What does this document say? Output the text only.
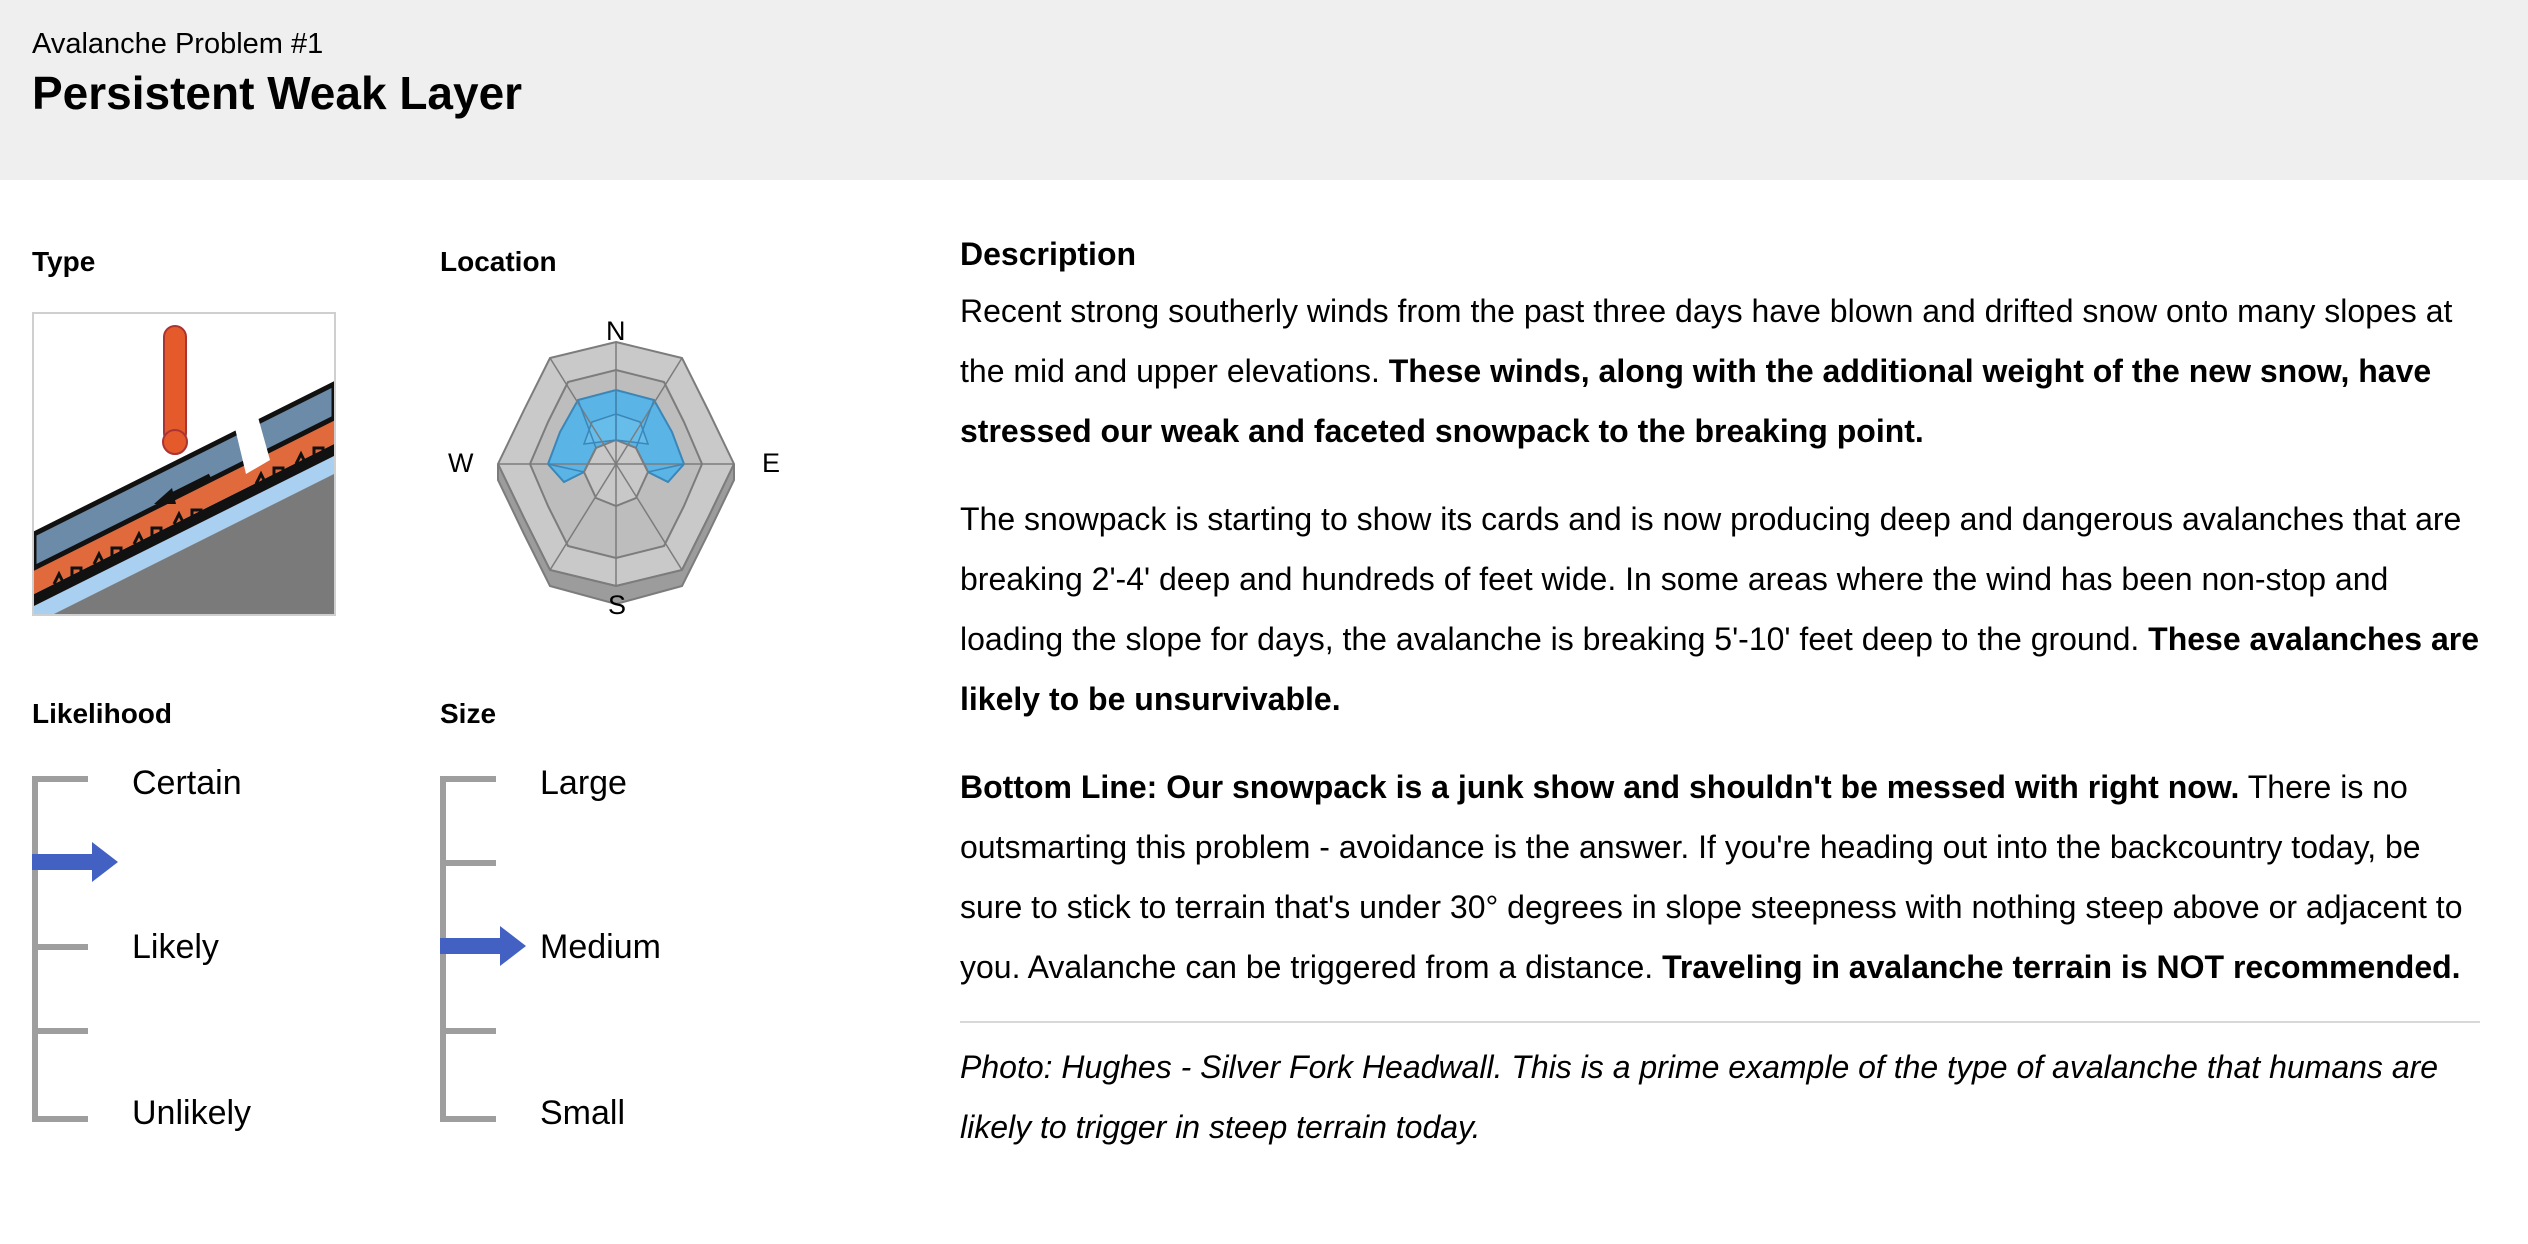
Avalanche Problem #1
Persistent Weak Layer
Type	Location
N
E
S
W
Likelihood
Certain
Likely
Unlikely
Size
Large
Medium
Small
Description

Recent strong southerly winds from the past three days have blown and drifted snow onto many slopes at the mid and upper elevations. These winds, along with the additional weight of the new snow, have stressed our weak and faceted snowpack to the breaking point.

The snowpack is starting to show its cards and is now producing deep and dangerous avalanches that are breaking 2'-4' deep and hundreds of feet wide. In some areas where the wind has been non-stop and loading the slope for days, the avalanche is breaking 5'-10' feet deep to the ground. These avalanches are likely to be unsurvivable.

Bottom Line: Our snowpack is a junk show and shouldn't be messed with right now. There is no outsmarting this problem - avoidance is the answer. If you're heading out into the backcountry today, be sure to stick to terrain that's under 30° degrees in slope steepness with nothing steep above or adjacent to you. Avalanche can be triggered from a distance. Traveling in avalanche terrain is NOT recommended.

Photo: Hughes - Silver Fork Headwall. This is a prime example of the type of avalanche that humans are likely to trigger in steep terrain today.
